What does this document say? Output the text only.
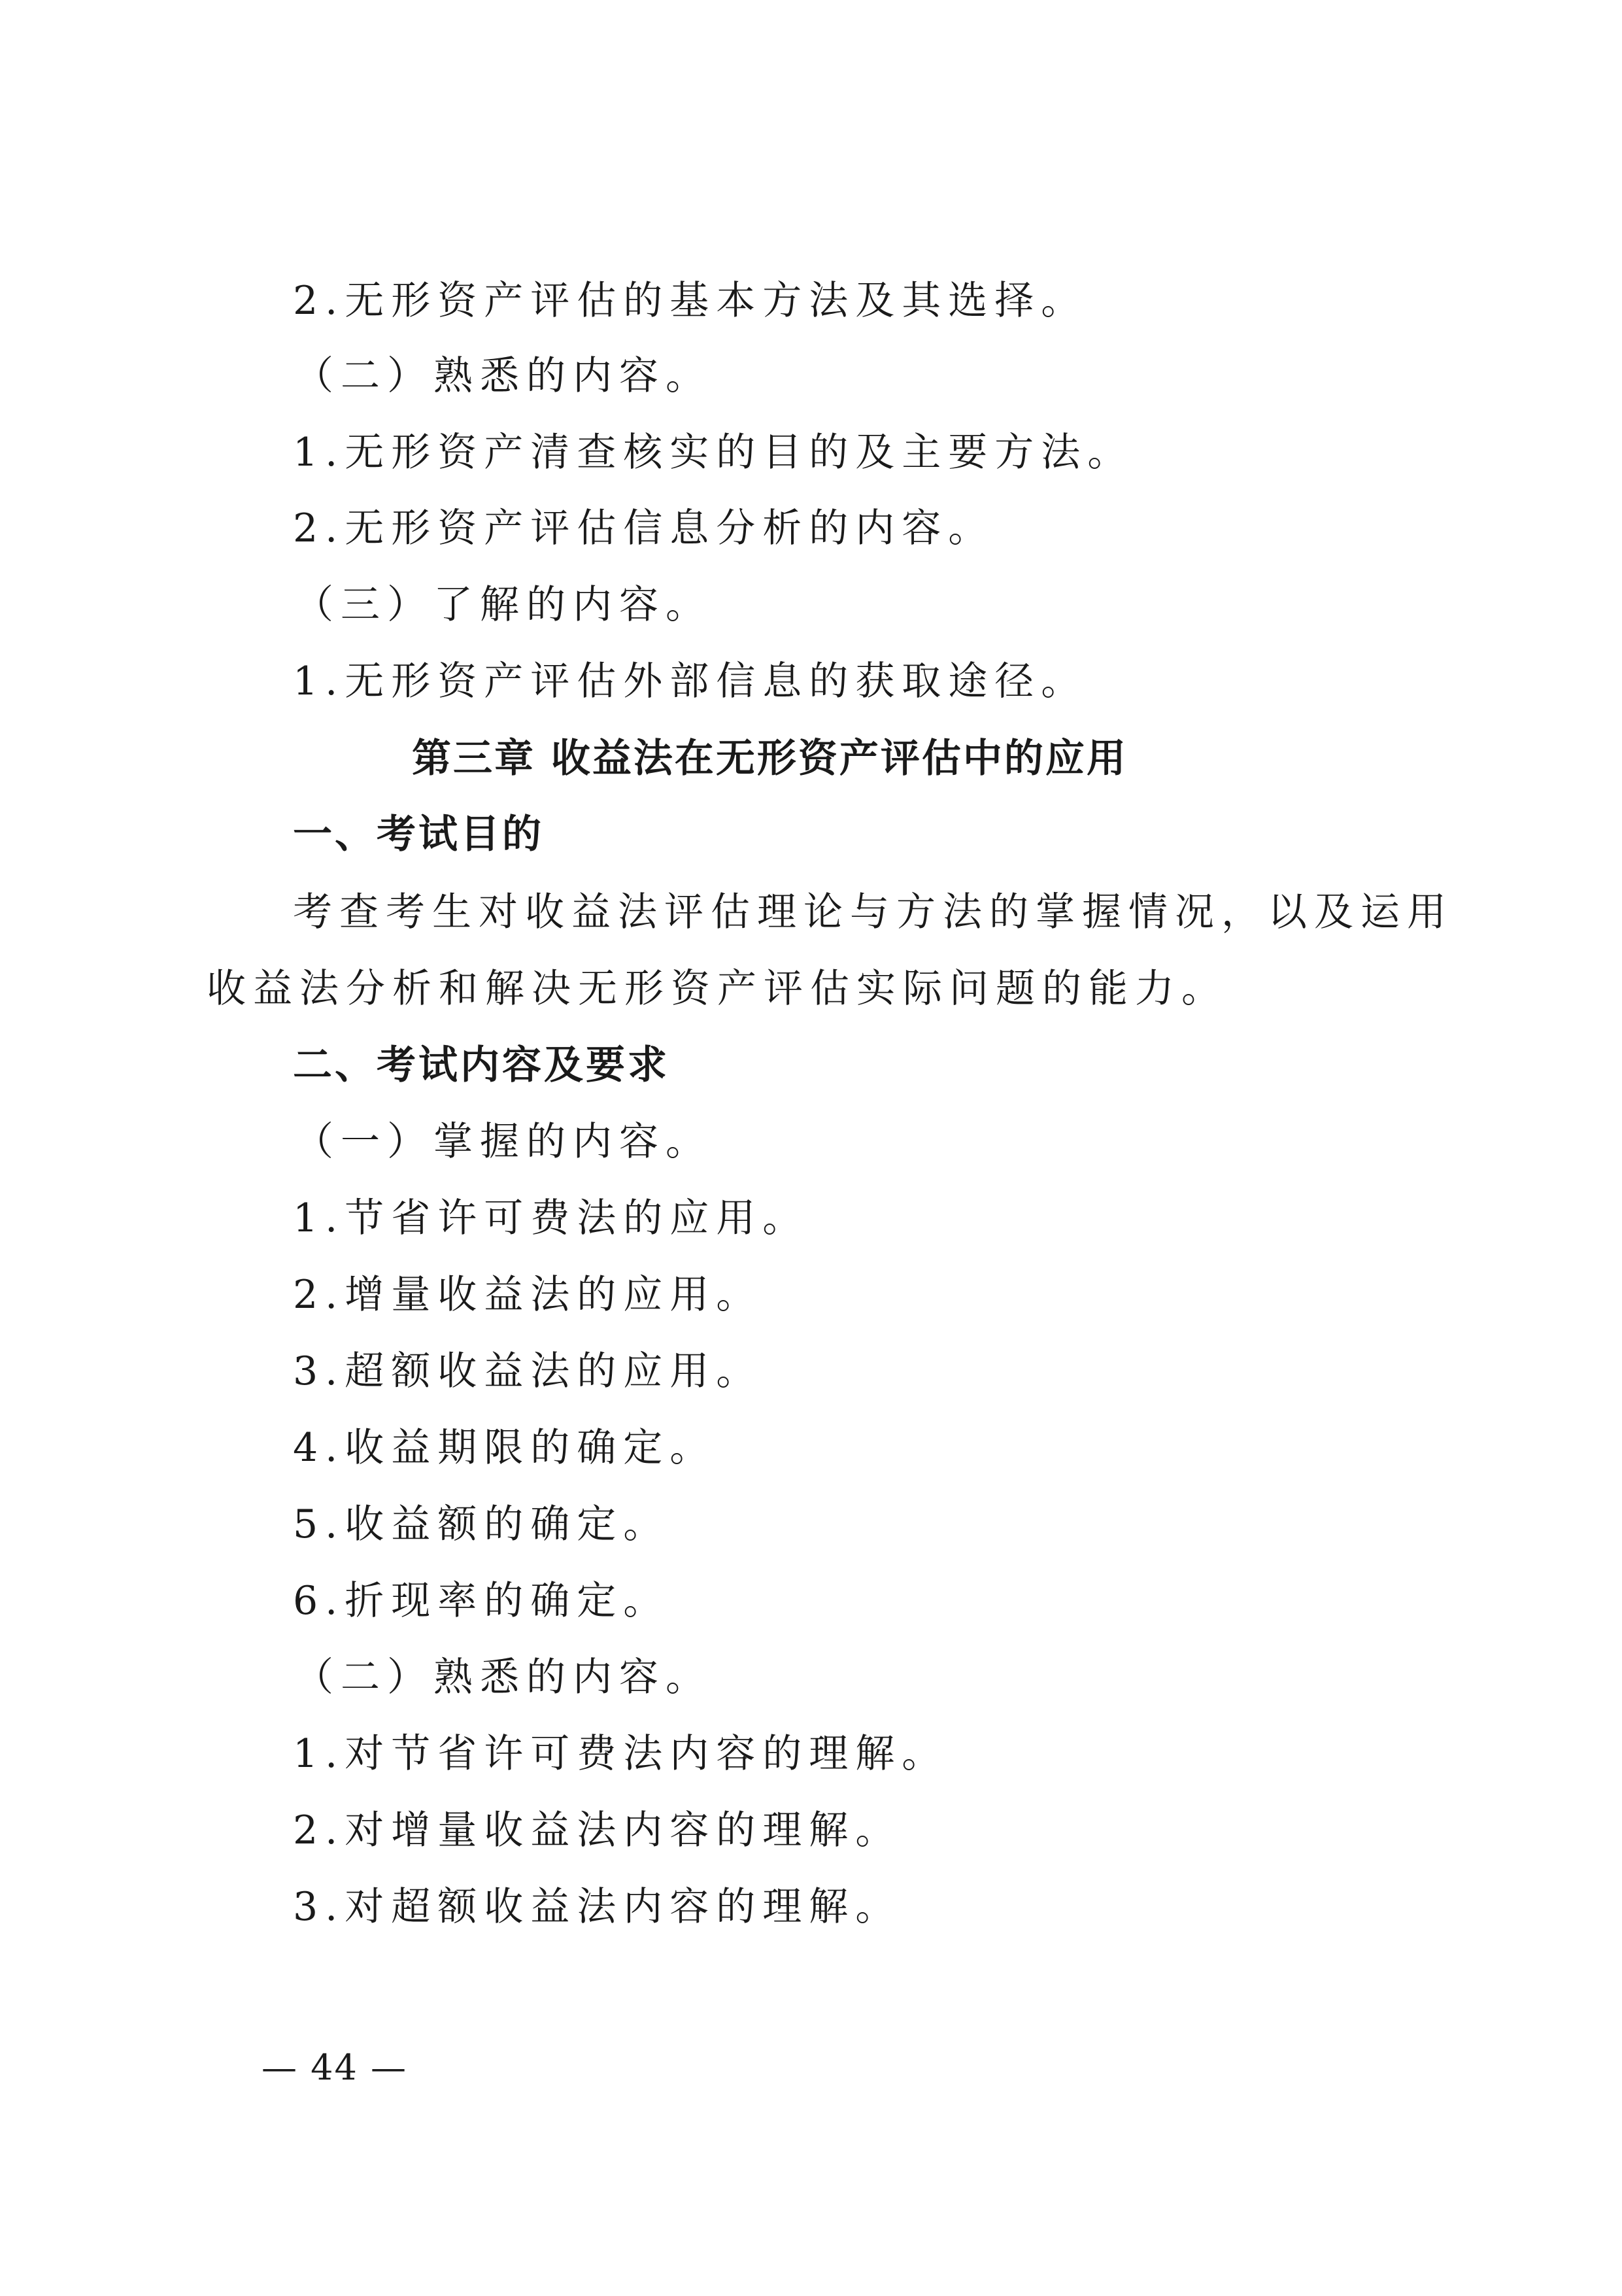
2.无形资产评估的基本方法及其选择。
（二）熟悉的内容。
1.无形资产清查核实的目的及主要方法。
2.无形资产评估信息分析的内容。
（三）了解的内容。
1.无形资产评估外部信息的获取途径。
第三章 收益法在无形资产评估中的应用
一、考试目的
考查考生对收益法评估理论与方法的掌握情况，以及运用
收益法分析和解决无形资产评估实际问题的能力。
二、考试内容及要求
（一）掌握的内容。
1.节省许可费法的应用。
2.增量收益法的应用。
3.超额收益法的应用。
4.收益期限的确定。
5.收益额的确定。
6.折现率的确定。
（二）熟悉的内容。
1.对节省许可费法内容的理解。
2.对增量收益法内容的理解。
3.对超额收益法内容的理解。
— 44 —
